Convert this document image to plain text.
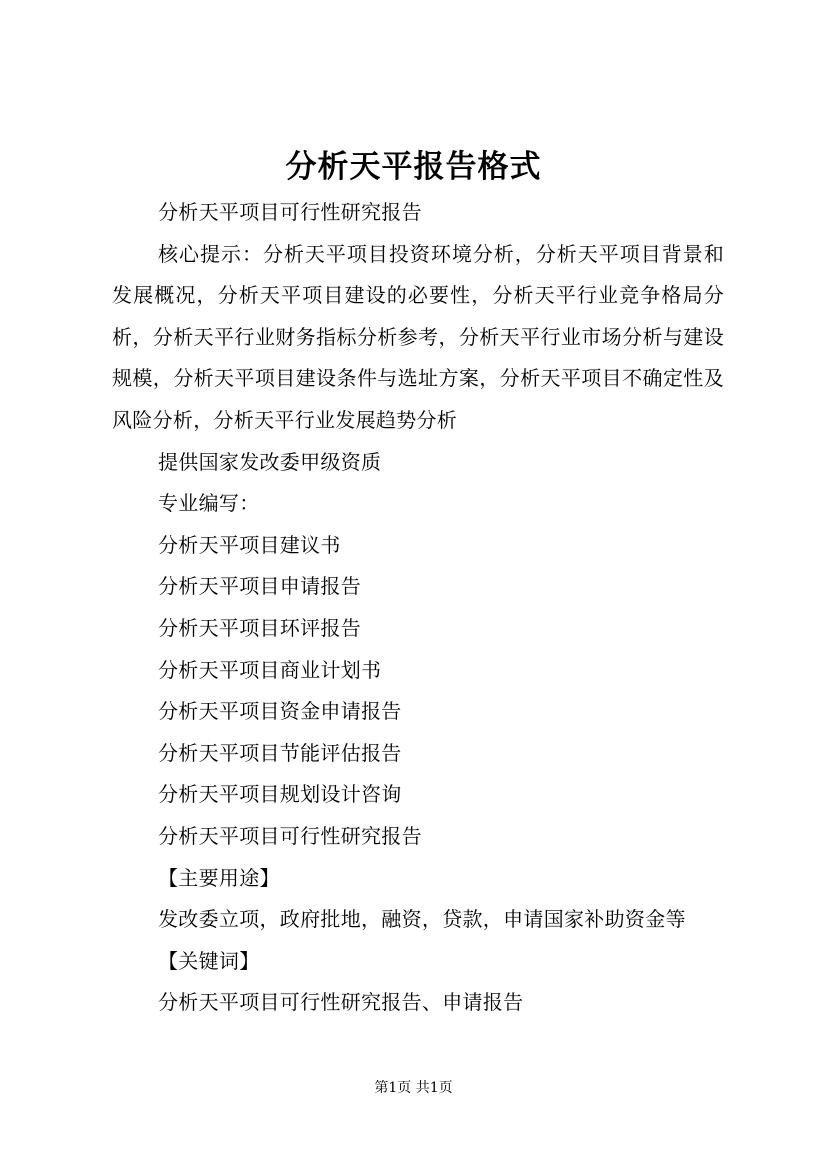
分析天平报告格式

分析天平项目可行性研究报告

核心提示：分析天平项目投资环境分析，分析天平项目背景和发展概况，分析天平项目建设的必要性，分析天平行业竞争格局分析，分析天平行业财务指标分析参考，分析天平行业市场分析与建设规模，分析天平项目建设条件与选址方案，分析天平项目不确定性及风险分析，分析天平行业发展趋势分析

提供国家发改委甲级资质

专业编写：

分析天平项目建议书

分析天平项目申请报告

分析天平项目环评报告

分析天平项目商业计划书

分析天平项目资金申请报告

分析天平项目节能评估报告

分析天平项目规划设计咨询

分析天平项目可行性研究报告

【主要用途】

发改委立项，政府批地，融资，贷款，申请国家补助资金等

【关键词】

分析天平项目可行性研究报告、申请报告

第1页 共1页
